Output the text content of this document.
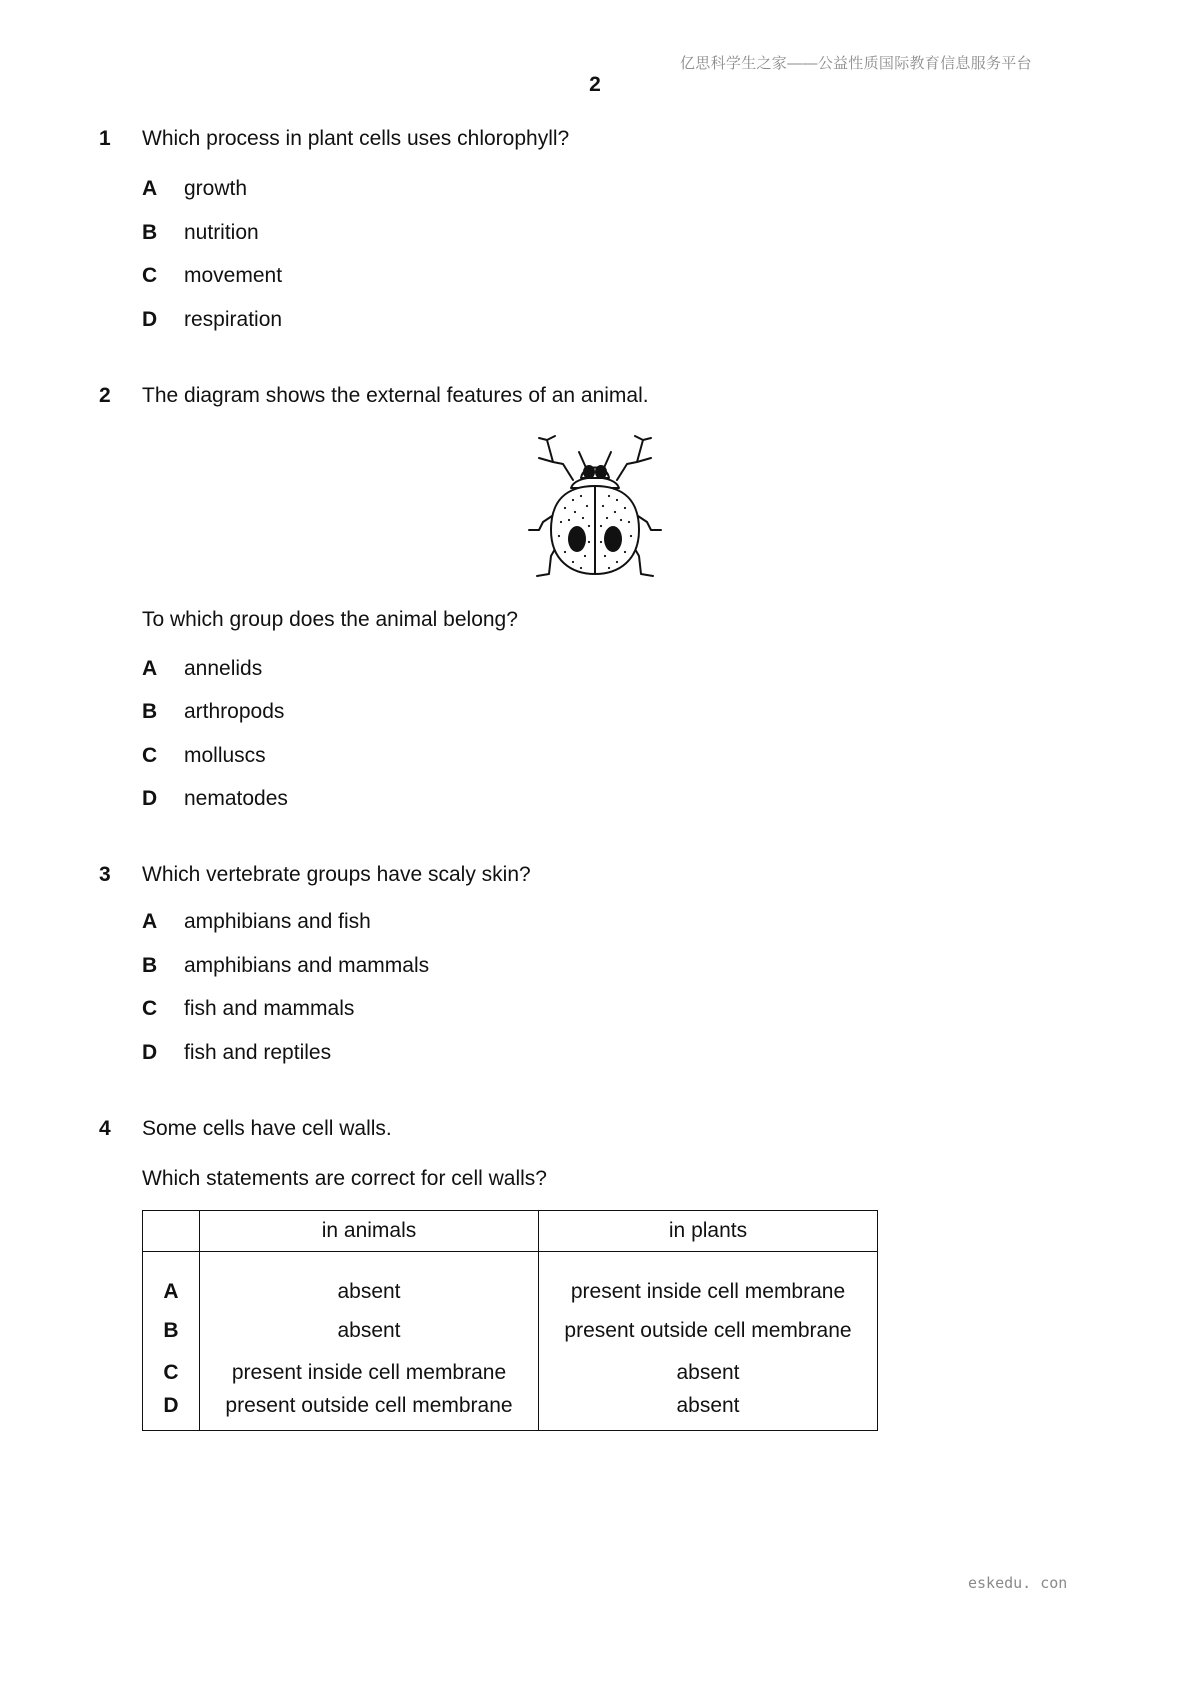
亿思科学生之家——公益性质国际教育信息服务平台
2
1 Which process in plant cells uses chlorophyll?
A growth
B nutrition
C movement
D respiration
2 The diagram shows the external features of an animal.
To which group does the animal belong?
A annelids
B arthropods
C molluscs
D nematodes
3 Which vertebrate groups have scaly skin?
A amphibians and fish
B amphibians and mammals
C fish and mammals
D fish and reptiles
4 Some cells have cell walls.
Which statements are correct for cell walls?
	in animals	in plants
A	absent	present inside cell membrane
B	absent	present outside cell membrane
C	present inside cell membrane	absent
D	present outside cell membrane	absent
eskedu. con
